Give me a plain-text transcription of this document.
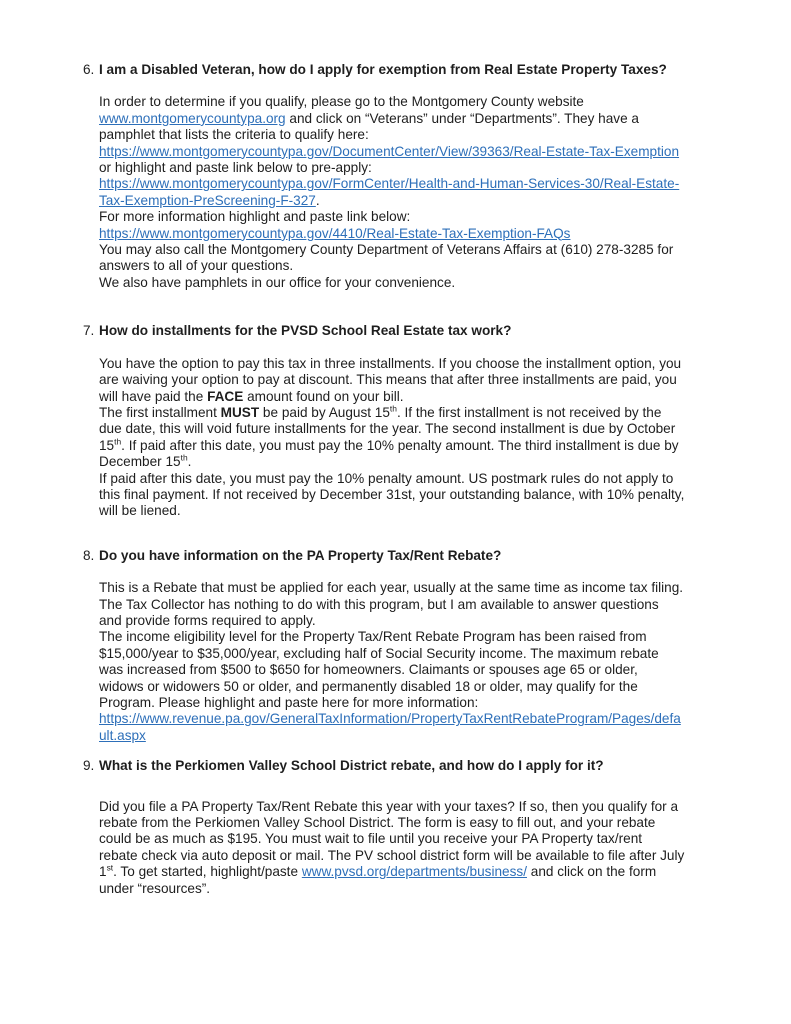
6. I am a Disabled Veteran, how do I apply for exemption from Real Estate Property Taxes?
In order to determine if you qualify, please go to the Montgomery County website
www.montgomerycountypa.org and click on “Veterans” under “Departments”. They have a
pamphlet that lists the criteria to qualify here:
https://www.montgomerycountypa.gov/DocumentCenter/View/39363/Real-Estate-Tax-Exemption
or highlight and paste link below to pre-apply:
https://www.montgomerycountypa.gov/FormCenter/Health-and-Human-Services-30/Real-Estate-
Tax-Exemption-PreScreening-F-327.
For more information highlight and paste link below:
https://www.montgomerycountypa.gov/4410/Real-Estate-Tax-Exemption-FAQs
You may also call the Montgomery County Department of Veterans Affairs at (610) 278-3285 for
answers to all of your questions.
We also have pamphlets in our office for your convenience.
7. How do installments for the PVSD School Real Estate tax work?
You have the option to pay this tax in three installments. If you choose the installment option, you
are waiving your option to pay at discount. This means that after three installments are paid, you
will have paid the FACE amount found on your bill.
The first installment MUST be paid by August 15th. If the first installment is not received by the
due date, this will void future installments for the year. The second installment is due by October
15th. If paid after this date, you must pay the 10% penalty amount. The third installment is due by
December 15th.
If paid after this date, you must pay the 10% penalty amount. US postmark rules do not apply to
this final payment. If not received by December 31st, your outstanding balance, with 10% penalty,
will be liened.
8. Do you have information on the PA Property Tax/Rent Rebate?
This is a Rebate that must be applied for each year, usually at the same time as income tax filing.
The Tax Collector has nothing to do with this program, but I am available to answer questions
and provide forms required to apply.
The income eligibility level for the Property Tax/Rent Rebate Program has been raised from
$15,000/year to $35,000/year, excluding half of Social Security income. The maximum rebate
was increased from $500 to $650 for homeowners. Claimants or spouses age 65 or older,
widows or widowers 50 or older, and permanently disabled 18 or older, may qualify for the
Program. Please highlight and paste here for more information:
https://www.revenue.pa.gov/GeneralTaxInformation/PropertyTaxRentRebateProgram/Pages/defa
ult.aspx
9. What is the Perkiomen Valley School District rebate, and how do I apply for it?
Did you file a PA Property Tax/Rent Rebate this year with your taxes? If so, then you qualify for a
rebate from the Perkiomen Valley School District. The form is easy to fill out, and your rebate
could be as much as $195. You must wait to file until you receive your PA Property tax/rent
rebate check via auto deposit or mail. The PV school district form will be available to file after July
1st. To get started, highlight/paste www.pvsd.org/departments/business/ and click on the form
under “resources”.
